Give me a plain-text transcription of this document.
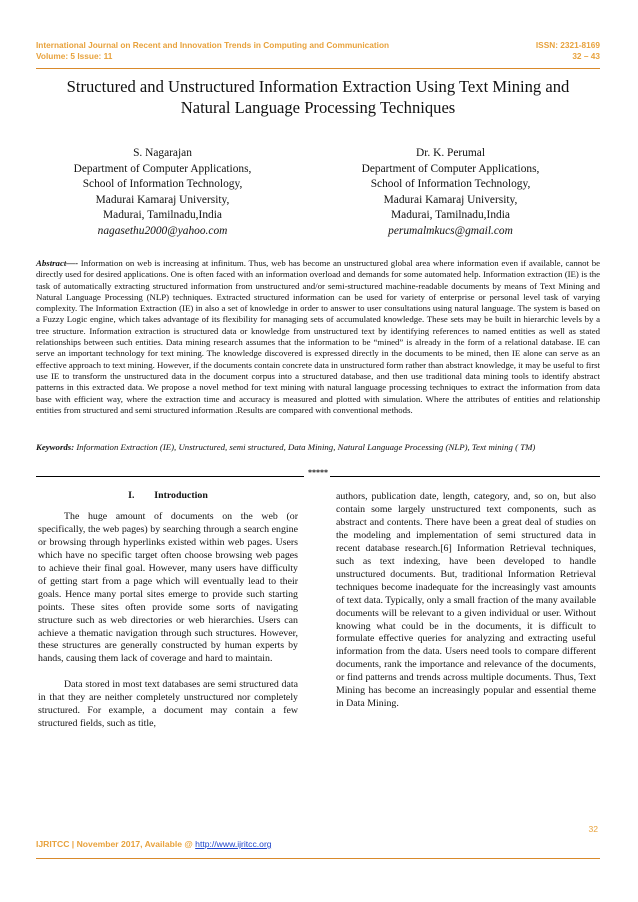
International Journal on Recent and Innovation Trends in Computing and Communication
Volume: 5 Issue: 11
ISSN: 2321-8169
32 – 43
Structured and Unstructured Information Extraction Using Text Mining and
Natural Language Processing Techniques
S. Nagarajan
Department of Computer Applications,
School of Information Technology,
Madurai Kamaraj University,
Madurai, Tamilnadu,India
nagasethu2000@yahoo.com
Dr. K. Perumal
Department of Computer Applications,
School of Information Technology,
Madurai Kamaraj University,
Madurai, Tamilnadu,India
perumalmkucs@gmail.com
Abstract—- Information on web is increasing at infinitum. Thus, web has become an unstructured global area where information even if available, cannot be directly used for desired applications. One is often faced with an information overload and demands for some automated help. Information extraction (IE) is the task of automatically extracting structured information from unstructured and/or semi-structured machine-readable documents by means of Text Mining and Natural Language Processing (NLP) techniques. Extracted structured information can be used for variety of enterprise or personal level task of varying complexity. The Information Extraction (IE) in also a set of knowledge in order to answer to user consultations using natural language. The system is based on a Fuzzy Logic engine, which takes advantage of its flexibility for managing sets of accumulated knowledge. These sets may be built in hierarchic levels by a tree structure. Information extraction is structured data or knowledge from unstructured text by identifying references to named entities as well as stated relationships between such entities. Data mining research assumes that the information to be “mined” is already in the form of a relational database. IE can serve an important technology for text mining. The knowledge discovered is expressed directly in the documents to be mined, then IE alone can serve as an effective approach to text mining. However, if the documents contain concrete data in unstructured form rather than abstract knowledge, it may be useful to first use IE to transform the unstructured data in the document corpus into a structured database, and then use traditional data mining tools to identify abstract patterns in this extracted data. We propose a novel method for text mining with natural language processing techniques to extract the information from data base with efficient way, where the extraction time and accuracy is measured and plotted with simulation. Where the attributes of entities and relationship entities from structured and semi structured information .Results are compared with conventional methods.
Keywords: Information Extraction (IE), Unstructured, semi structured, Data Mining, Natural Language Processing (NLP), Text mining ( TM)
*****

I.        Introduction

The huge amount of documents on the web (or specifically, the web pages) by searching through a search engine or browsing through hyperlinks existed within web pages. Users which have no specific target often choose browsing web pages to achieve their final goal. However, many users have difficulty of getting start from a page which will eventually lead to their goals. Hence many portal sites emerge to provide such starting points. These sites often provide some sorts of navigating structure such as web directories or web hierarchies. Users can achieve a thematic navigation through such structures. However, these structures are generally constructed by human experts by hands, causing them lack of coverage and hard to maintain.

Data stored in most text databases are semi structured data in that they are neither completely unstructured nor completely structured. For example, a document may contain a few structured fields, such as title,

authors, publication date, length, category, and, so on, but also contain some largely unstructured text components, such as abstract and contents. There have been a great deal of studies on the modeling and implementation of semi structured data in recent database research.[6] Information Retrieval techniques, such as text indexing, have been developed to handle unstructured documents. But, traditional Information Retrieval techniques become inadequate for the increasingly vast amounts of text data. Typically, only a small fraction of the many available documents will be relevant to a given individual or user. Without knowing what could be in the documents, it is difficult to formulate effective queries for analyzing and extracting useful information from the data. Users need tools to compare different documents, rank the importance and relevance of the documents, or find patterns and trends across multiple documents. Thus, Text Mining has become an increasingly popular and essential theme in Data Mining.

32
IJRITCC | November 2017, Available @ http://www.ijritcc.org
